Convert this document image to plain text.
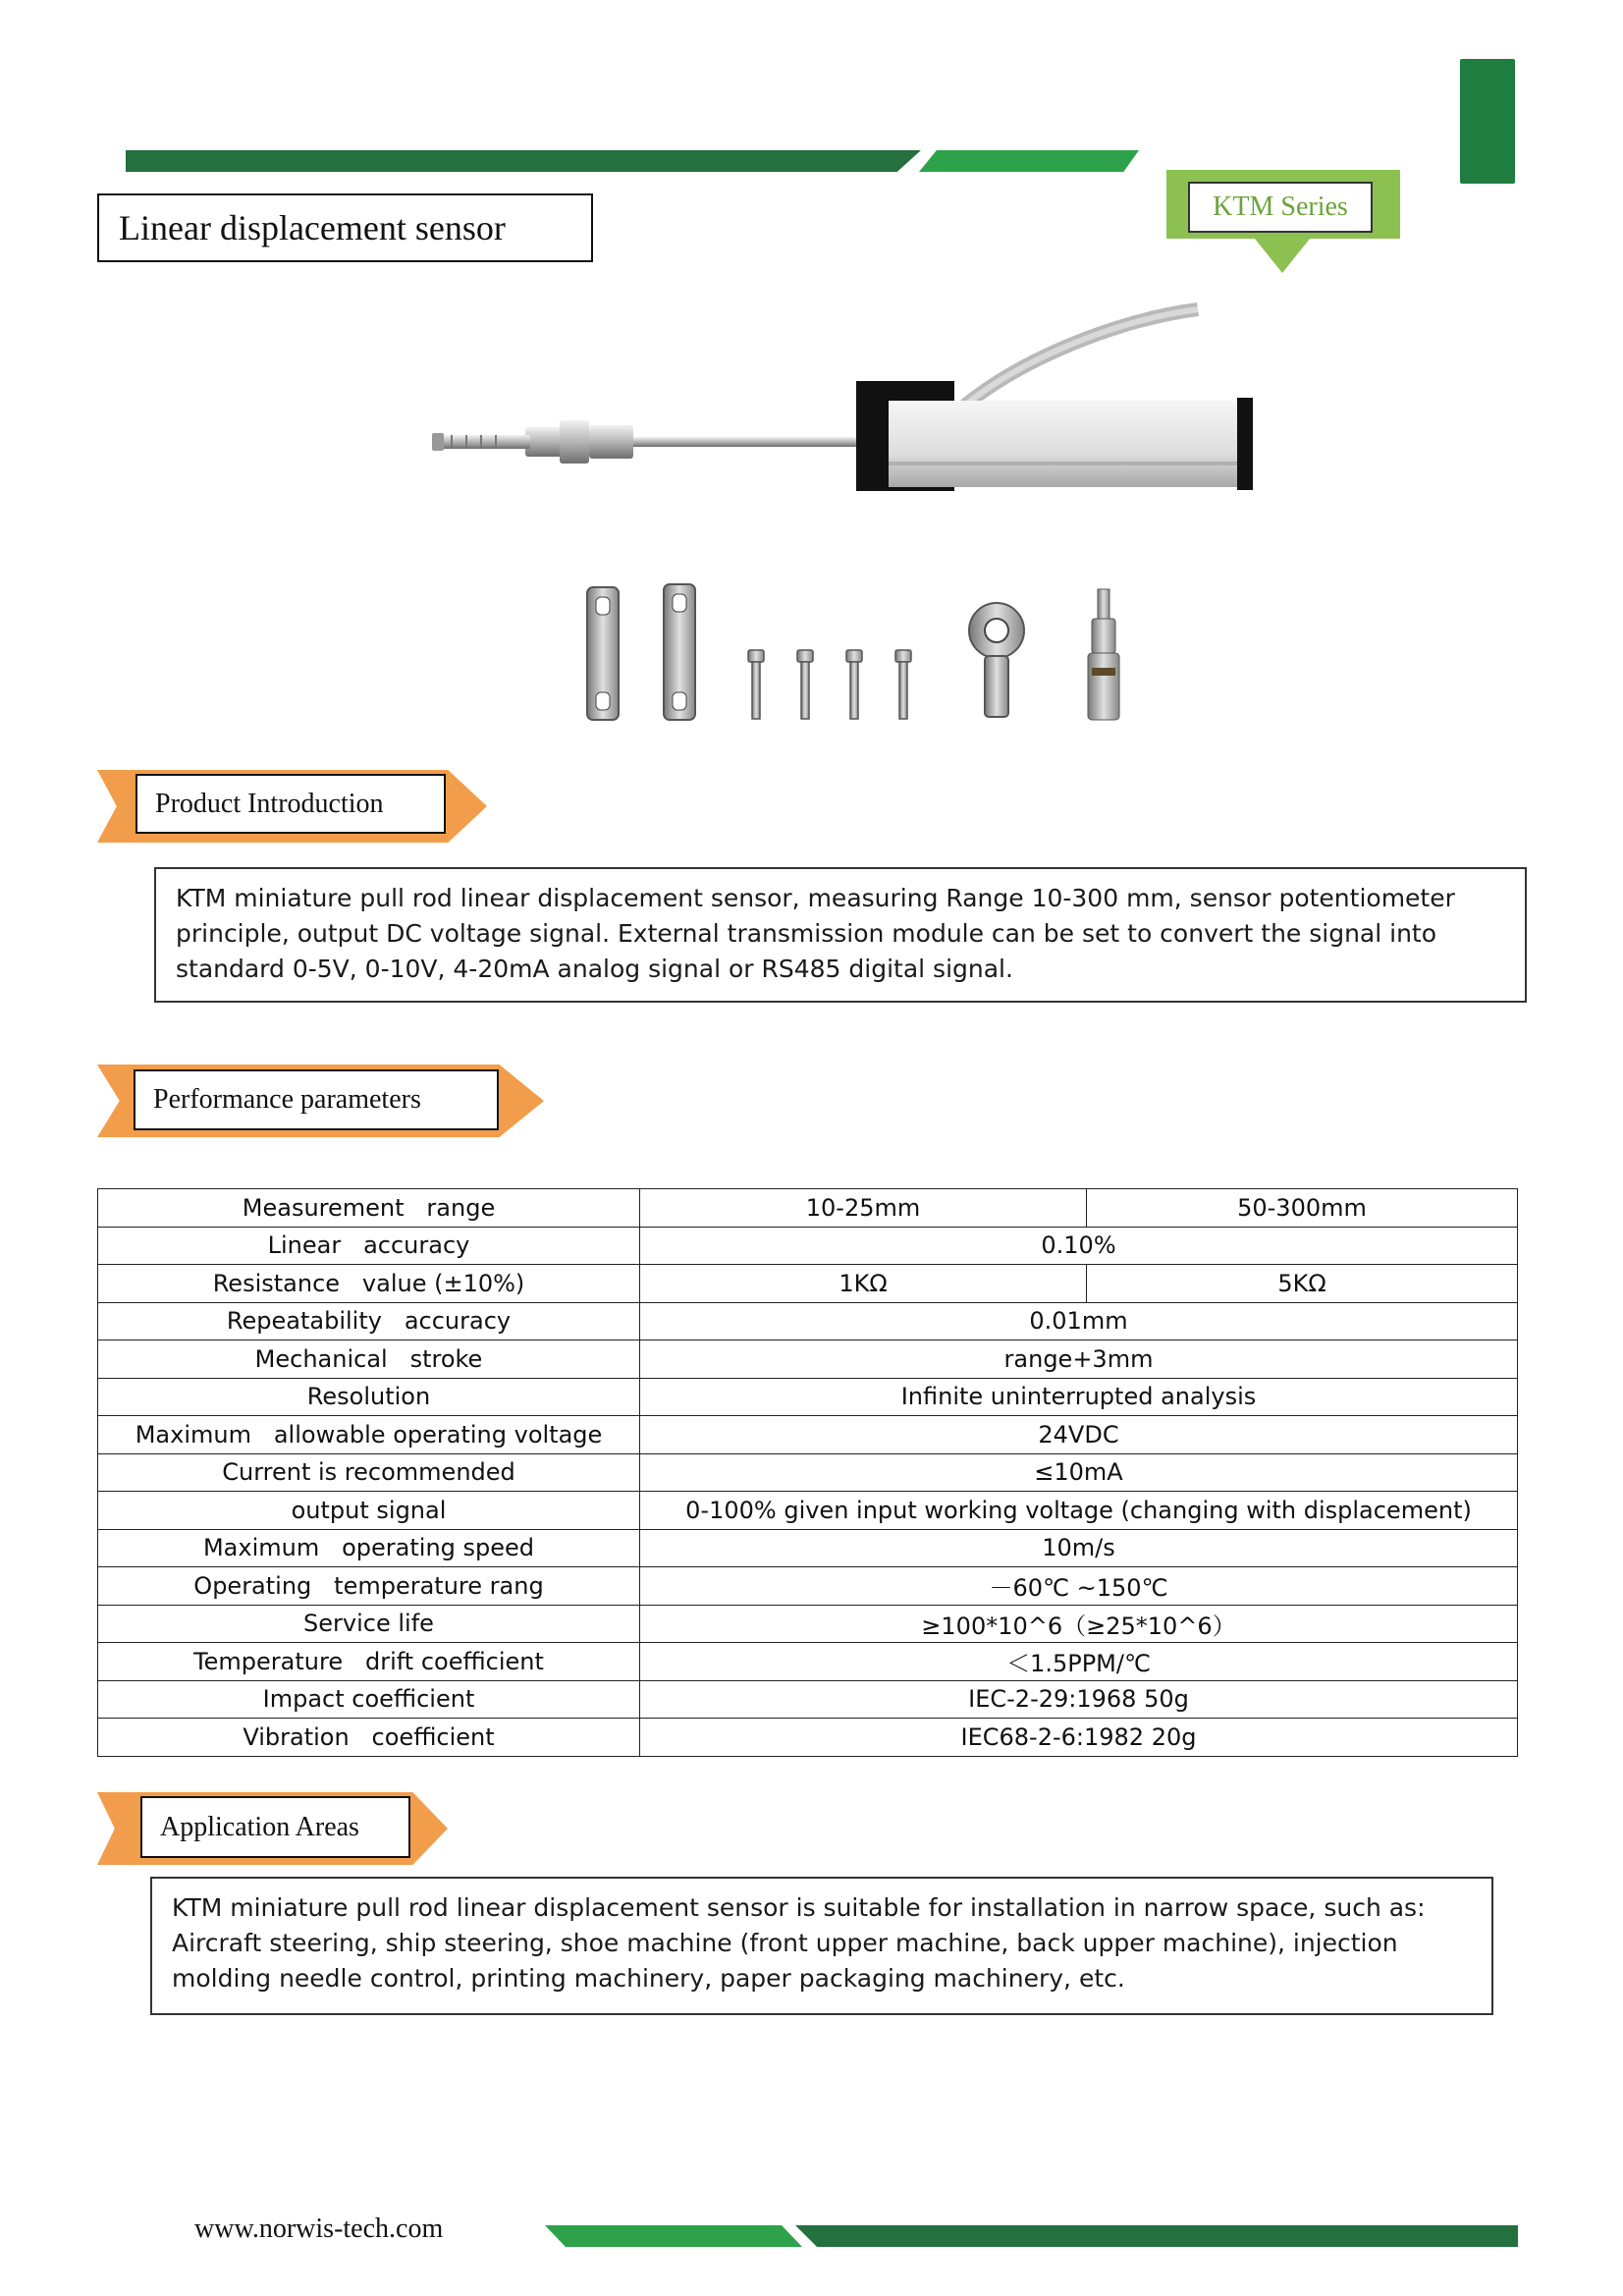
Linear displacement sensor
KTM Series
Product Introduction
KTM miniature pull rod linear displacement sensor, measuring Range 10-300 mm, sensor potentiometer principle, output DC voltage signal. External transmission module can be set to convert the signal into standard 0-5V, 0-10V, 4-20mA analog signal or RS485 digital signal.
Performance parameters
Measurement   range	10-25mm	50-300mm
Linear   accuracy	0.10%	
Resistance   value (±10%)	1KΩ	5KΩ
Repeatability   accuracy	0.01mm	
Mechanical   stroke	range+3mm	
Resolution	Infinite uninterrupted analysis	
Maximum   allowable operating voltage	24VDC	
Current is recommended	≤10mA	
output signal	0-100% given input working voltage (changing with displacement)	
Maximum   operating speed	10m/s	
Operating   temperature rang	－60℃ ~150℃	
Service life	≥100*10^6（≥25*10^6）	
Temperature   drift coefficient	＜1.5PPM/℃	
Impact coefficient	IEC-2-29:1968 50g	
Vibration   coefficient	IEC68-2-6:1982 20g	
Application Areas
KTM miniature pull rod linear displacement sensor is suitable for installation in narrow space, such as: Aircraft steering, ship steering, shoe machine (front upper machine, back upper machine), injection molding needle control, printing machinery, paper packaging machinery, etc.
www.norwis-tech.com
